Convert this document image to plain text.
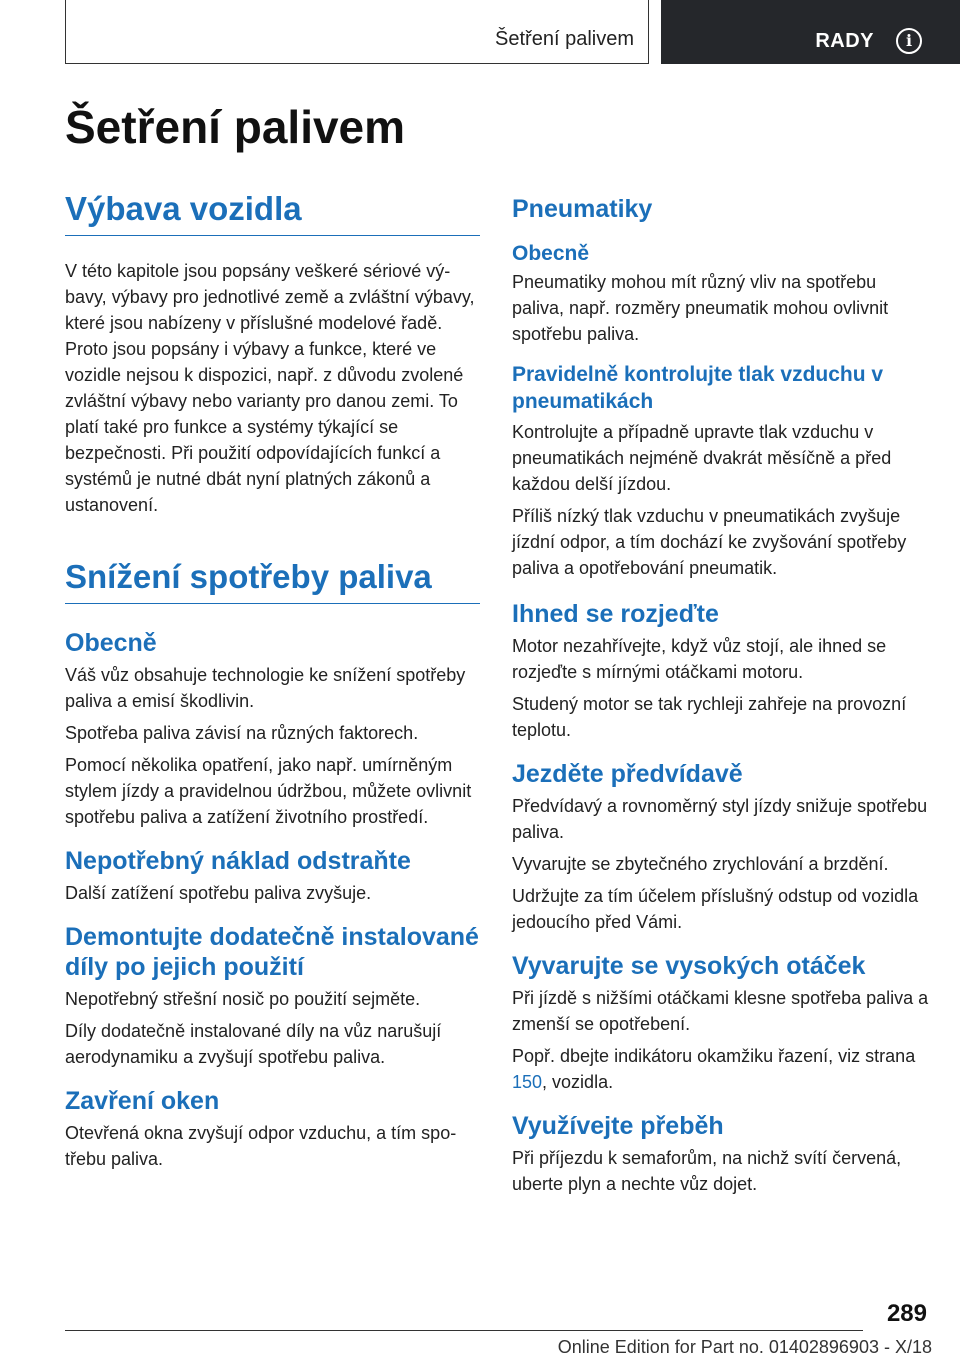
Šetření palivem	RADY	i
Šetření palivem
Výbava vozidla

V této kapitole jsou popsány veškeré sériové výbavy, výbavy pro jednotlivé země a zvláštní výbavy, které jsou nabízeny v příslušné modelové řadě. Proto jsou popsány i výbavy a funkce, které ve vozidle nejsou k dispozici, např. z důvodu zvolené zvláštní výbavy nebo varianty pro danou zemi. To platí také pro funkce a systémy týkající se bezpečnosti. Při použití odpovídajících funkcí a systémů je nutné dbát nyní platných zákonů a ustanovení.

Snížení spotřeby paliva
Obecně

Váš vůz obsahuje technologie ke snížení spotřeby paliva a emisí škodlivin.

Spotřeba paliva závisí na různých faktorech.

Pomocí několika opatření, jako např. umírněným stylem jízdy a pravidelnou údržbou, můžete ovlivnit spotřebu paliva a zatížení životního prostředí.

Nepotřebný náklad odstraňte

Další zatížení spotřebu paliva zvyšuje.

Demontujte dodatečně instalované díly po jejich použití

Nepotřebný střešní nosič po použití sejměte.

Díly dodatečně instalované díly na vůz narušují aerodynamiku a zvyšují spotřebu paliva.

Zavření oken

Otevřená okna zvyšují odpor vzduchu, a tím spotřebu paliva.

Pneumatiky
Obecně

Pneumatiky mohou mít různý vliv na spotřebu paliva, např. rozměry pneumatik mohou ovlivnit spotřebu paliva.

Pravidelně kontrolujte tlak vzduchu v pneumatikách

Kontrolujte a případně upravte tlak vzduchu v pneumatikách nejméně dvakrát měsíčně a před každou delší jízdou.

Příliš nízký tlak vzduchu v pneumatikách zvyšuje jízdní odpor, a tím dochází ke zvyšování spotřeby paliva a opotřebování pneumatik.

Ihned se rozjeďte

Motor nezahřívejte, když vůz stojí, ale ihned se rozjeďte s mírnými otáčkami motoru.

Studený motor se tak rychleji zahřeje na provozní teplotu.

Jezděte předvídavě

Předvídavý a rovnoměrný styl jízdy snižuje spotřebu paliva.

Vyvarujte se zbytečného zrychlování a brzdění.

Udržujte za tím účelem příslušný odstup od vozidla jedoucího před Vámi.

Vyvarujte se vysokých otáček

Při jízdě s nižšími otáčkami klesne spotřeba paliva a zmenší se opotřebení.

Popř. dbejte indikátoru okamžiku řazení, viz strana 150, vozidla.

Využívejte přeběh

Při příjezdu k semaforům, na nichž svítí červená, uberte plyn a nechte vůz dojet.

289
Online Edition for Part no. 01402896903 - X/18
